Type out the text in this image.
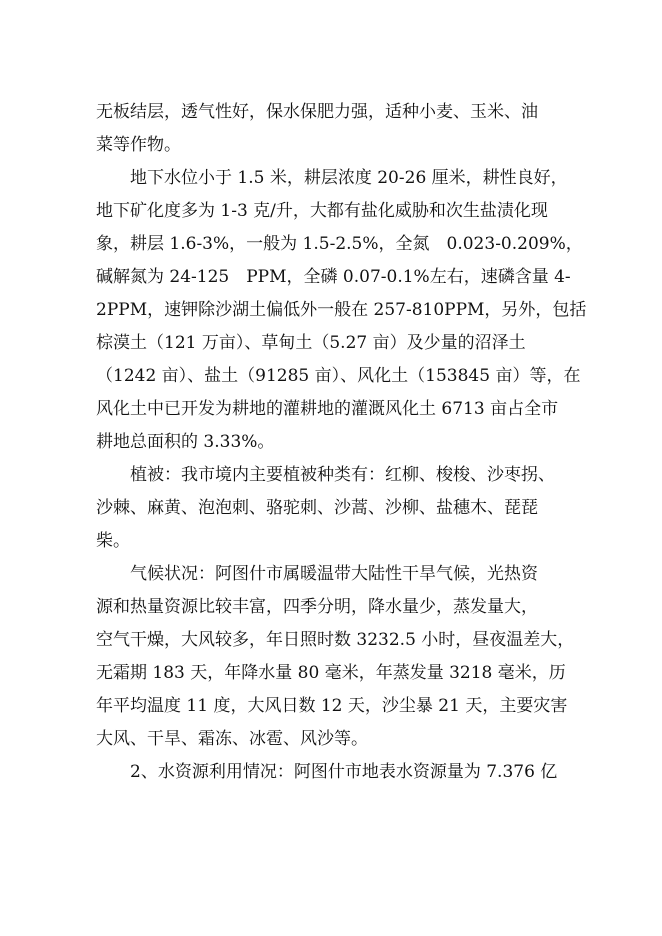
无板结层，透气性好，保水保肥力强，适种小麦、玉米、油
菜等作物。
地下水位小于 1.5 米，耕层浓度 20-26 厘米，耕性良好，
地下矿化度多为 1-3 克/升，大都有盐化威胁和次生盐渍化现
象，耕层 1.6-3%，一般为 1.5-2.5%，全氮　0.023-0.209%，
碱解氮为 24-125　PPM，全磷 0.07-0.1%左右，速磷含量 4-
2PPM，速钾除沙湖土偏低外一般在 257-810PPM，另外，包括
棕漠土（121 万亩）、草甸土（5.27 亩）及少量的沼泽土
（1242 亩）、盐土（91285 亩）、风化土（153845 亩）等，在
风化土中已开发为耕地的灌耕地的灌溉风化土 6713 亩占全市
耕地总面积的 3.33%。
植被：我市境内主要植被种类有：红柳、梭梭、沙枣拐、
沙棘、麻黄、泡泡刺、骆驼刺、沙蒿、沙柳、盐穗木、琵琵
柴。
气候状况：阿图什市属暖温带大陆性干旱气候，光热资
源和热量资源比较丰富，四季分明，降水量少，蒸发量大，
空气干燥，大风较多，年日照时数 3232.5 小时，昼夜温差大，
无霜期 183 天，年降水量 80 毫米，年蒸发量 3218 毫米，历
年平均温度 11 度，大风日数 12 天，沙尘暴 21 天，主要灾害
大风、干旱、霜冻、冰雹、风沙等。
2、水资源利用情况：阿图什市地表水资源量为 7.376 亿
